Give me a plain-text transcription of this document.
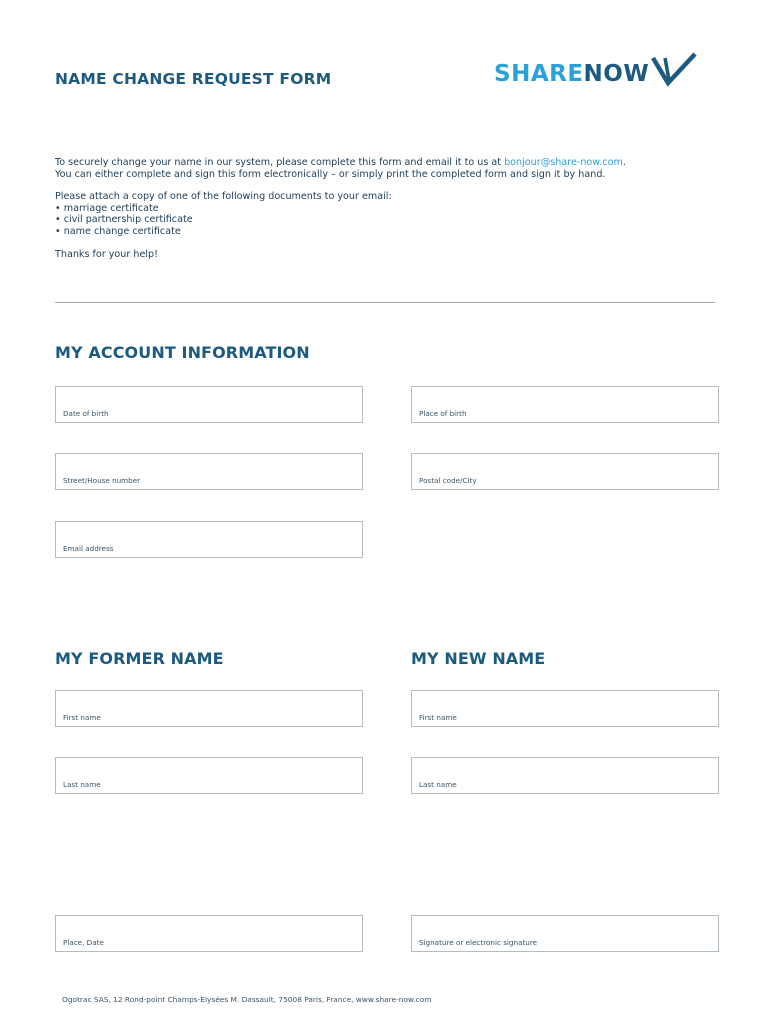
NAME CHANGE REQUEST FORM	SHARE NOW

To securely change your name in our system, please complete this form and email it to us at bonjour@share-now.com.

You can either complete and sign this form electronically – or simply print the completed form and sign it by hand.

Please attach a copy of one of the following documents to your email:

• marriage certificate

• civil partnership certificate

• name change certificate

Thanks for your help!

MY ACCOUNT INFORMATION
Date of birth	Place of birth
Street/House number	Postal code/City
Email address
MY FORMER NAME	MY NEW NAME
First name	First name
Last name	Last name
Place, Date	Signature or electronic signature
Ogotrac SAS, 12 Rond-point Champs-Elysées M. Dassault, 75008 Paris, France, www.share-now.com
